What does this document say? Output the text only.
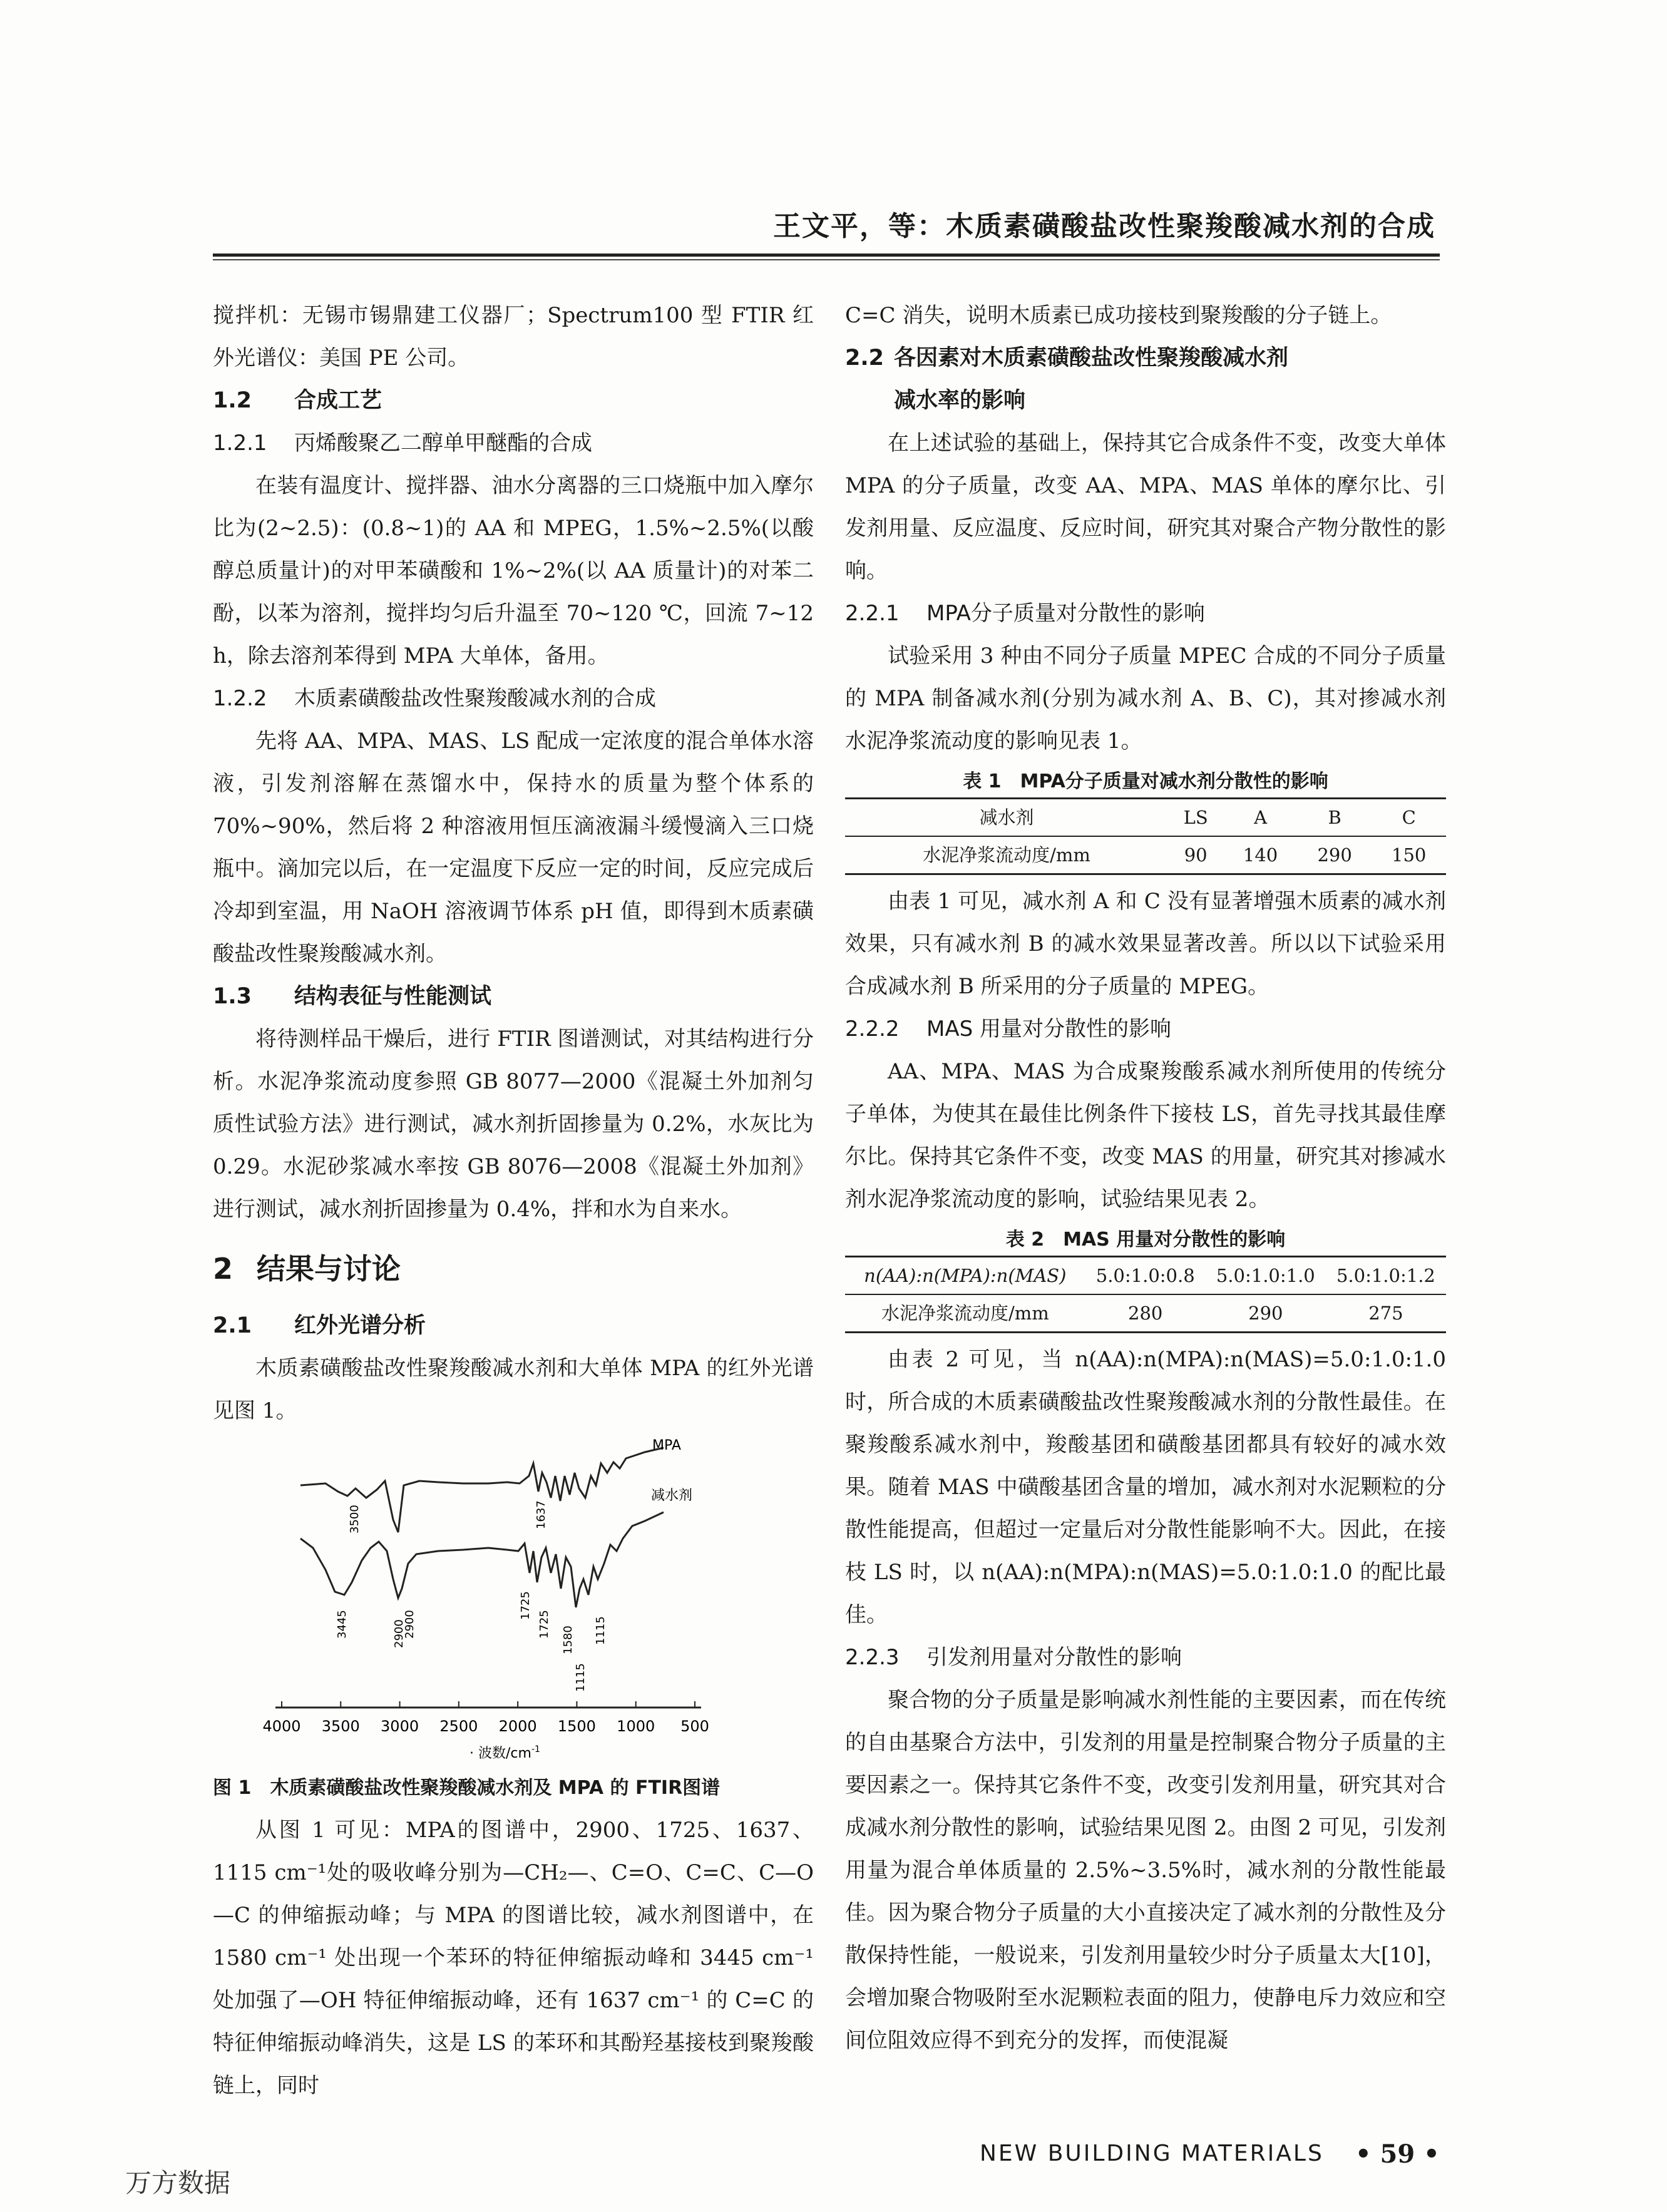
王文平，等：木质素磺酸盐改性聚羧酸减水剂的合成

搅拌机：无锡市锡鼎建工仪器厂；Spectrum100 型 FTIR 红外光谱仪：美国 PE 公司。

1.2 合成工艺
1.2.1 丙烯酸聚乙二醇单甲醚酯的合成

在装有温度计、搅拌器、油水分离器的三口烧瓶中加入摩尔比为(2~2.5)：(0.8~1)的 AA 和 MPEG，1.5%~2.5%(以酸醇总质量计)的对甲苯磺酸和 1%~2%(以 AA 质量计)的对苯二酚，以苯为溶剂，搅拌均匀后升温至 70~120 ℃，回流 7~12 h，除去溶剂苯得到 MPA 大单体，备用。

1.2.2 木质素磺酸盐改性聚羧酸减水剂的合成

先将 AA、MPA、MAS、LS 配成一定浓度的混合单体水溶液，引发剂溶解在蒸馏水中，保持水的质量为整个体系的 70%~90%，然后将 2 种溶液用恒压滴液漏斗缓慢滴入三口烧瓶中。滴加完以后，在一定温度下反应一定的时间，反应完成后冷却到室温，用 NaOH 溶液调节体系 pH 值，即得到木质素磺酸盐改性聚羧酸减水剂。

1.3 结构表征与性能测试

将待测样品干燥后，进行 FTIR 图谱测试，对其结构进行分析。水泥净浆流动度参照 GB 8077—2000《混凝土外加剂匀质性试验方法》进行测试，减水剂折固掺量为 0.2%，水灰比为 0.29。水泥砂浆减水率按 GB 8076—2008《混凝土外加剂》进行测试，减水剂折固掺量为 0.4%，拌和水为自来水。

2 结果与讨论
2.1 红外光谱分析

木质素磺酸盐改性聚羧酸减水剂和大单体 MPA 的红外光谱见图 1。

MPA
减水剂
3500	1637
1725
3445	2900
2900	1725
1580 1115
1115
4000 3500 3000 2500 2000 1500 1000 500
· 波数$/cm^{-1}$
图 1　木质素磺酸盐改性聚羧酸减水剂及 MPA 的 FTIR图谱

从图 1 可见：MPA的图谱中，2900、1725、1637、1115 cm⁻¹处的吸收峰分别为—CH₂—、C=O、C=C、C—O—C 的伸缩振动峰；与 MPA 的图谱比较，减水剂图谱中，在 1580 cm⁻¹ 处出现一个苯环的特征伸缩振动峰和 3445 cm⁻¹ 处加强了—OH 特征伸缩振动峰，还有 1637 cm⁻¹ 的 C=C 的特征伸缩振动峰消失，这是 LS 的苯环和其酚羟基接枝到聚羧酸链上，同时

C=C 消失，说明木质素已成功接枝到聚羧酸的分子链上。

2.2 各因素对木质素磺酸盐改性聚羧酸减水剂
减水率的影响

在上述试验的基础上，保持其它合成条件不变，改变大单体 MPA 的分子质量，改变 AA、MPA、MAS 单体的摩尔比、引发剂用量、反应温度、反应时间，研究其对聚合产物分散性的影响。

2.2.1 MPA分子质量对分散性的影响

试验采用 3 种由不同分子质量 MPEC 合成的不同分子质量的 MPA 制备减水剂(分别为减水剂 A、B、C)，其对掺减水剂水泥净浆流动度的影响见表 1。

表 1　MPA分子质量对减水剂分散性的影响
减水剂	LS	A	B	C
水泥净浆流动度/mm	90	140	290	150

由表 1 可见，减水剂 A 和 C 没有显著增强木质素的减水剂效果，只有减水剂 B 的减水效果显著改善。所以以下试验采用合成减水剂 B 所采用的分子质量的 MPEG。

2.2.2 MAS 用量对分散性的影响

AA、MPA、MAS 为合成聚羧酸系减水剂所使用的传统分子单体，为使其在最佳比例条件下接枝 LS，首先寻找其最佳摩尔比。保持其它条件不变，改变 MAS 的用量，研究其对掺减水剂水泥净浆流动度的影响，试验结果见表 2。

表 2　MAS 用量对分散性的影响
n(AA):n(MPA):n(MAS)	5.0:1.0:0.8	5.0:1.0:1.0	5.0:1.0:1.2
水泥净浆流动度/mm	280	290	275

由表 2 可见，当 n(AA):n(MPA):n(MAS)=5.0:1.0:1.0 时，所合成的木质素磺酸盐改性聚羧酸减水剂的分散性最佳。在聚羧酸系减水剂中，羧酸基团和磺酸基团都具有较好的减水效果。随着 MAS 中磺酸基团含量的增加，减水剂对水泥颗粒的分散性能提高，但超过一定量后对分散性能影响不大。因此，在接枝 LS 时，以 n(AA):n(MPA):n(MAS)=5.0:1.0:1.0 的配比最佳。

2.2.3 引发剂用量对分散性的影响

聚合物的分子质量是影响减水剂性能的主要因素，而在传统的自由基聚合方法中，引发剂的用量是控制聚合物分子质量的主要因素之一。保持其它条件不变，改变引发剂用量，研究其对合成减水剂分散性的影响，试验结果见图 2。由图 2 可见，引发剂用量为混合单体质量的 2.5%~3.5%时，减水剂的分散性能最佳。因为聚合物分子质量的大小直接决定了减水剂的分散性及分散保持性能，一般说来，引发剂用量较少时分子质量太大[10]，会增加聚合物吸附至水泥颗粒表面的阻力，使静电斥力效应和空间位阻效应得不到充分的发挥，而使混凝

NEW BUILDING MATERIALS • 59 •
万方数据
